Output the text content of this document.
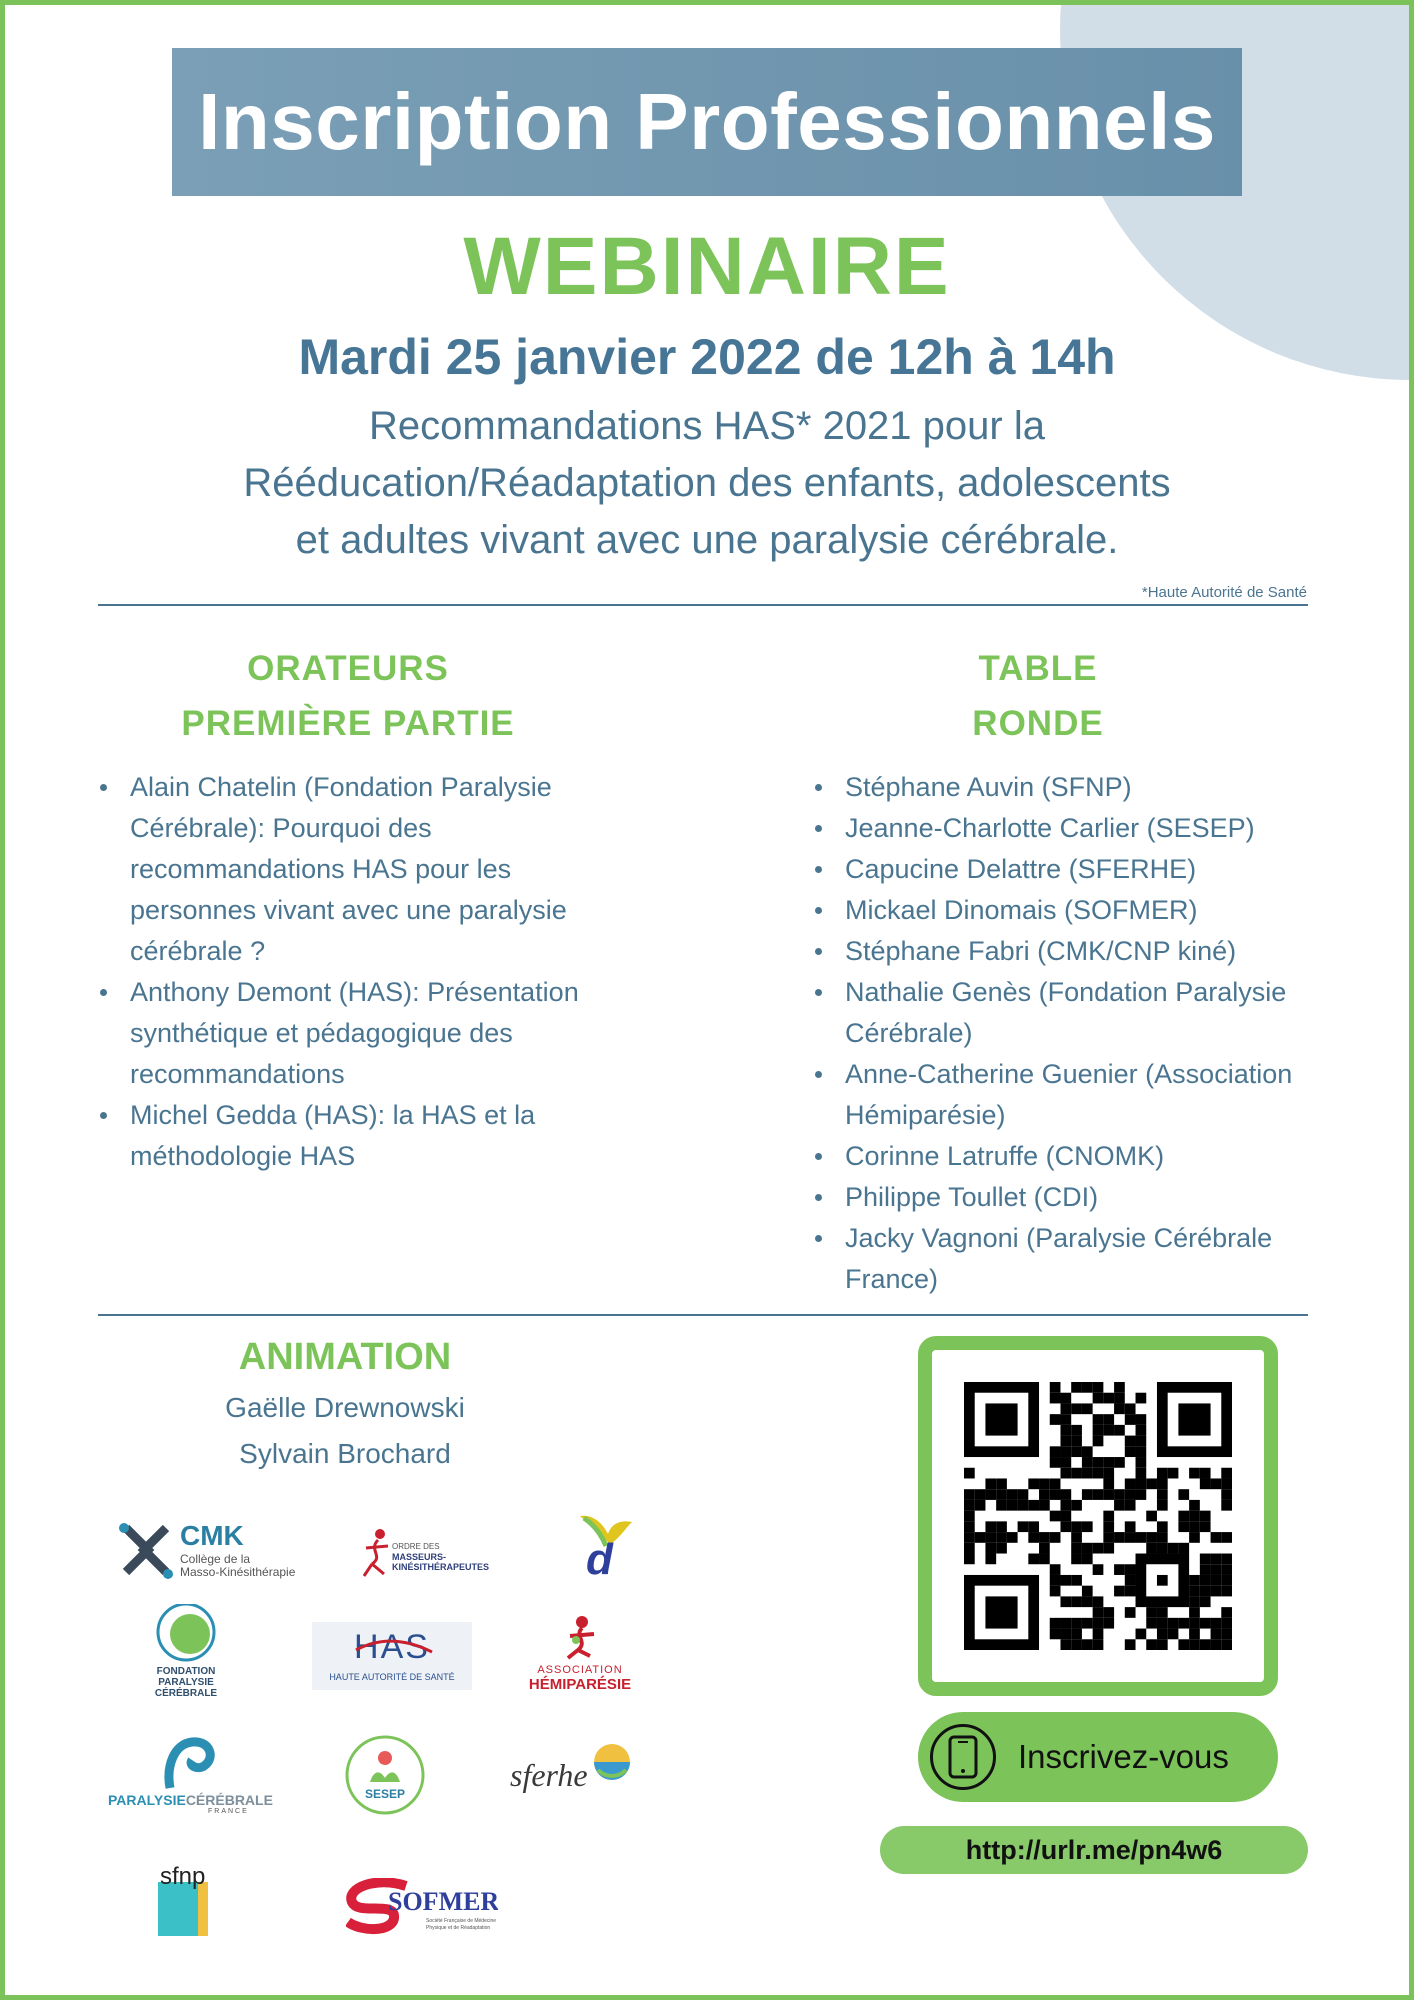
Inscription Professionnels
WEBINAIRE
Mardi 25 janvier 2022 de 12h à 14h
Recommandations HAS* 2021 pour la
Rééducation/Réadaptation des enfants, adolescents
et adultes vivant avec une paralysie cérébrale.
*Haute Autorité de Santé
ORATEURS
PREMIÈRE PARTIE
Alain Chatelin (Fondation Paralysie
Cérébrale): Pourquoi des
recommandations HAS pour les
personnes vivant avec une paralysie
cérébrale ?
Anthony Demont (HAS): Présentation
synthétique et pédagogique des
recommandations
Michel Gedda (HAS): la HAS et la
méthodologie HAS
TABLE
RONDE
Stéphane Auvin (SFNP)
Jeanne-Charlotte Carlier (SESEP)
Capucine Delattre (SFERHE)
Mickael Dinomais (SOFMER)
Stéphane Fabri (CMK/CNP kiné)
Nathalie Genès (Fondation Paralysie
Cérébrale)
Anne-Catherine Guenier (Association
Hémiparésie)
Corinne Latruffe (CNOMK)
Philippe Toullet (CDI)
Jacky Vagnoni (Paralysie Cérébrale
France)
ANIMATION
Gaëlle Drewnowski
Sylvain Brochard
CMK
Collège de la
Masso-Kinésithérapie
ORDRE DES
MASSEURS-KINÉSITHÉRAPEUTES	d
FONDATION
PARALYSIE
CÉRÉBRALE
HAS
HAUTE AUTORITÉ DE SANTÉ
ASSOCIATION
HÉMIPARÉSIE
PARALYSIECÉRÉBRALE
FRANCE
SESEP
sferhe
sfnp
SOFMER
Société Française de Médecine
Physique et de Réadaptation
Inscrivez-vous
http://urlr.me/pn4w6
